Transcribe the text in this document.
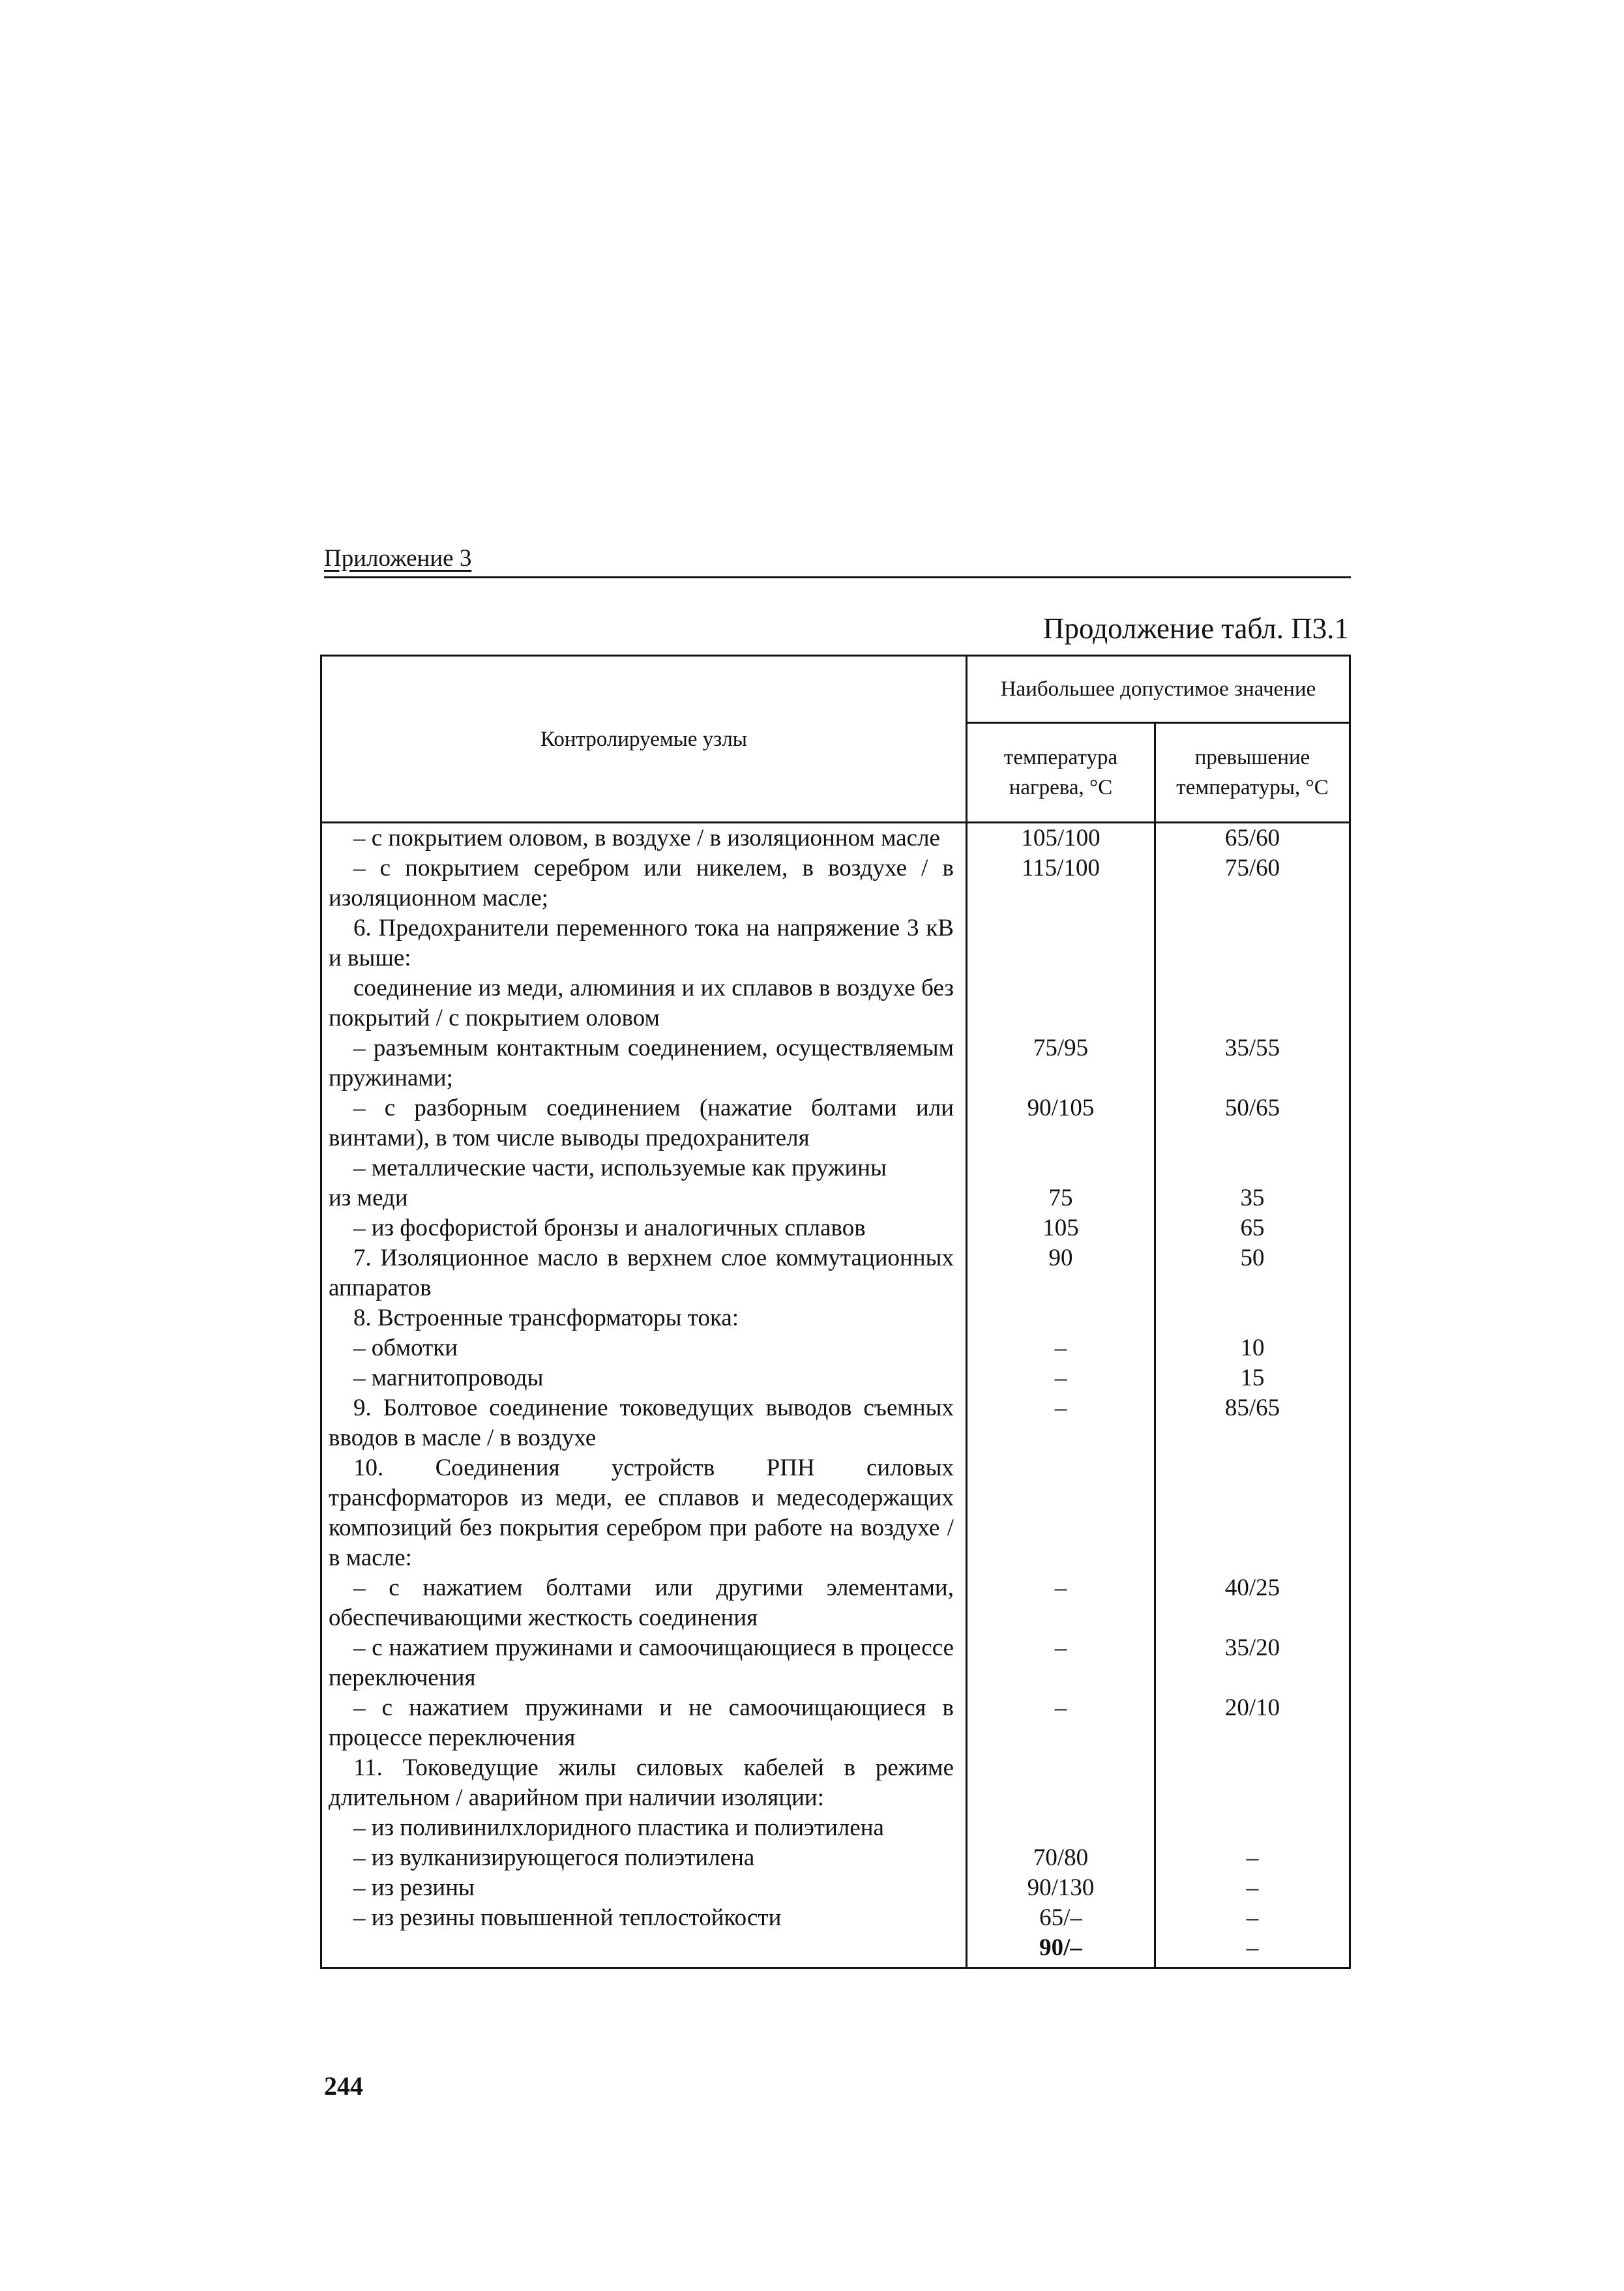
Приложение 3
Продолжение табл. П3.1
Контролируемые узлы	Наибольшее допустимое значение	
	температура нагрева, °С	превышение температуры, °С

– с покрытием оловом, в воздухе / в изоляционном масле	105/100	65/60

– с покрытием серебром или никелем, в воздухе / в изоляционном масле;	115/100	75/60

6. Предохранители переменного тока на напряжение 3 кВ и выше:		

соединение из меди, алюминия и их сплавов в воздухе без покрытий / с покрытием оловом		

– разъемным контактным соединением, осуществляемым пружинами;	75/95	35/55

– с разборным соединением (нажатие болтами или винтами), в том числе выводы предохранителя	90/105	50/65

– металлические части, используемые как пружины		

из меди	75	35

– из фосфористой бронзы и аналогичных сплавов	105	65

7. Изоляционное масло в верхнем слое коммутационных аппаратов	90	50

8. Встроенные трансформаторы тока:		

– обмотки	–	10

– магнитопроводы	–	15

9. Болтовое соединение токоведущих выводов съемных вводов в масле / в воздухе	–	85/65

10. Соединения устройств РПН силовых трансформаторов из меди, ее сплавов и медесодержащих композиций без покрытия серебром при работе на воздухе / в масле:		

– с нажатием болтами или другими элементами, обеспечивающими жесткость соединения	–	40/25

– с нажатием пружинами и самоочищающиеся в процессе переключения	–	35/20

– с нажатием пружинами и не самоочищающиеся в процессе переключения	–	20/10

11. Токоведущие жилы силовых кабелей в режиме длительном / аварийном при наличии изоляции:		

– из поливинилхлоридного пластика и полиэтилена		

– из вулканизирующегося полиэтилена	70/80	–

– из резины	90/130	–

– из резины повышенной теплостойкости	65/–	–

	90/–	–
244
